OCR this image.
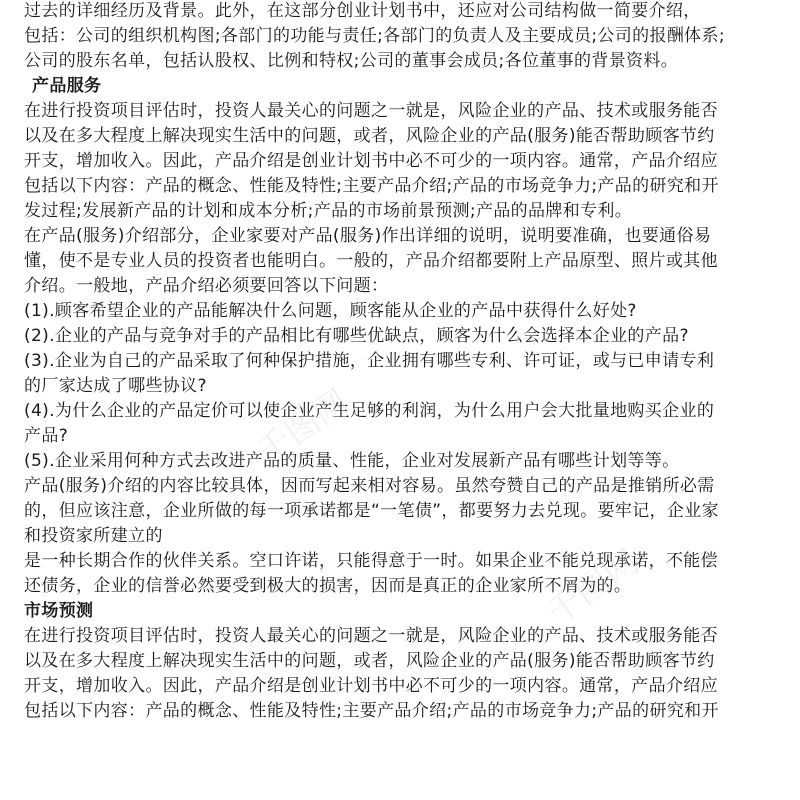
过去的详细经历及背景。此外，在这部分创业计划书中，还应对公司结构做一简要介绍，
包括：公司的组织机构图;各部门的功能与责任;各部门的负责人及主要成员;公司的报酬体系;
公司的股东名单，包括认股权、比例和特权;公司的董事会成员;各位董事的背景资料。
产品服务
在进行投资项目评估时，投资人最关心的问题之一就是，风险企业的产品、技术或服务能否
以及在多大程度上解决现实生活中的问题，或者，风险企业的产品(服务)能否帮助顾客节约
开支，增加收入。因此，产品介绍是创业计划书中必不可少的一项内容。通常，产品介绍应
包括以下内容：产品的概念、性能及特性;主要产品介绍;产品的市场竞争力;产品的研究和开
发过程;发展新产品的计划和成本分析;产品的市场前景预测;产品的品牌和专利。
在产品(服务)介绍部分，企业家要对产品(服务)作出详细的说明，说明要准确，也要通俗易
懂，使不是专业人员的投资者也能明白。一般的，产品介绍都要附上产品原型、照片或其他
介绍。一般地，产品介绍必须要回答以下问题：
(1).顾客希望企业的产品能解决什么问题，顾客能从企业的产品中获得什么好处?
(2).企业的产品与竞争对手的产品相比有哪些优缺点，顾客为什么会选择本企业的产品?
(3).企业为自己的产品采取了何种保护措施，企业拥有哪些专利、许可证，或与已申请专利
的厂家达成了哪些协议?
(4).为什么企业的产品定价可以使企业产生足够的利润，为什么用户会大批量地购买企业的
产品?
(5).企业采用何种方式去改进产品的质量、性能，企业对发展新产品有哪些计划等等。
产品(服务)介绍的内容比较具体，因而写起来相对容易。虽然夸赞自己的产品是推销所必需
的，但应该注意，企业所做的每一项承诺都是“一笔债”，都要努力去兑现。要牢记，企业家
和投资家所建立的
是一种长期合作的伙伴关系。空口许诺，只能得意于一时。如果企业不能兑现承诺，不能偿
还债务，企业的信誉必然要受到极大的损害，因而是真正的企业家所不屑为的。
市场预测
在进行投资项目评估时，投资人最关心的问题之一就是，风险企业的产品、技术或服务能否
以及在多大程度上解决现实生活中的问题，或者，风险企业的产品(服务)能否帮助顾客节约
开支，增加收入。因此，产品介绍是创业计划书中必不可少的一项内容。通常，产品介绍应
包括以下内容：产品的概念、性能及特性;主要产品介绍;产品的市场竞争力;产品的研究和开
千图网
千图网
